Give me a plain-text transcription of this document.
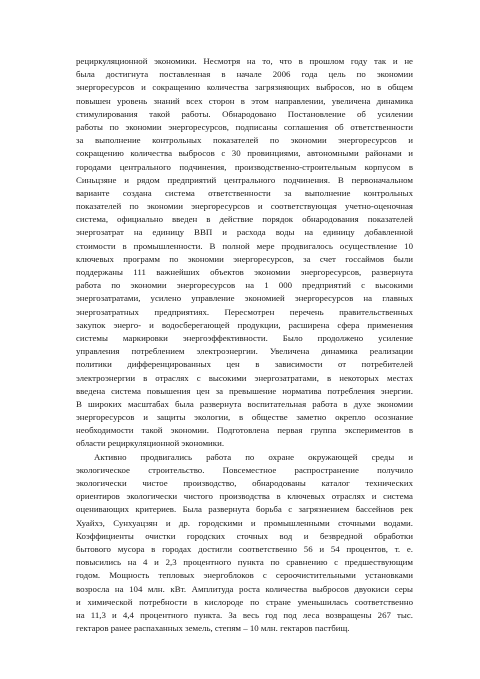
рециркуляционной экономики. Несмотря на то, что в прошлом году так и не
была достигнута поставленная в начале 2006 года цель по экономии
энергоресурсов и сокращению количества загрязняющих выбросов, но в общем
повышен уровень знаний всех сторон в этом направлении, увеличена динамика
стимулирования такой работы. Обнародовано Постановление об усилении
работы по экономии энергоресурсов, подписаны соглашения об ответственности
за выполнение контрольных показателей по экономии энергоресурсов и
сокращению количества выбросов с 30 провинциями, автономными районами и
городами центрального подчинения, производственно-строительным корпусом в
Синьцзяне и рядом предприятий центрального подчинения. В первоначальном
варианте создана система ответственности за выполнение контрольных
показателей по экономии энергоресурсов и соответствующая учетно-оценочная
система, официально введен в действие порядок обнародования показателей
энергозатрат на единицу ВВП и расхода воды на единицу добавленной
стоимости в промышленности. В полной мере продвигалось осуществление 10
ключевых программ по экономии энергоресурсов, за счет госсаймов были
поддержаны 111 важнейших объектов экономии энергоресурсов, развернута
работа по экономии энергоресурсов на 1 000 предприятий с высокими
энергозатратами, усилено управление экономией энергоресурсов на главных
энергозатратных предприятиях. Пересмотрен перечень правительственных
закупок энерго- и водосберегающей продукции, расширена сфера применения
системы маркировки энергоэффективности. Было продолжено усиление
управления потреблением электроэнергии. Увеличена динамика реализации
политики дифференцированных цен в зависимости от потребителей
электроэнергии в отраслях с высокими энергозатратами, в некоторых местах
введена система повышения цен за превышение норматива потребления энергии.
В широких масштабах была развернута воспитательная работа в духе экономии
энергоресурсов и защиты экологии, в обществе заметно окрепло осознание
необходимости такой экономии. Подготовлена первая группа экспериментов в
области рециркуляционной экономики.
Активно продвигались работа по охране окружающей среды и
экологическое строительство. Повсеместное распространение получило
экологически чистое производство, обнародованы каталог технических
ориентиров экологически чистого производства в ключевых отраслях и система
оценивающих критериев. Была развернута борьба с загрязнением бассейнов рек
Хуайхэ, Сунхуацзян и др. городскими и промышленными сточными водами.
Коэффициенты очистки городских сточных вод и безвредной обработки
бытового мусора в городах достигли соответственно 56 и 54 процентов, т. е.
повысились на 4 и 2,3 процентного пункта по сравнению с предшествующим
годом. Мощность тепловых энергоблоков с сероочистительными установками
возросла на 104 млн. кВт. Амплитуда роста количества выбросов двуокиси серы
и химической потребности в кислороде по стране уменьшилась соответственно
на 11,3 и 4,4 процентного пункта. За весь год под леса возвращены 267 тыс.
гектаров ранее распаханных земель, степям – 10 млн. гектаров пастбищ.
